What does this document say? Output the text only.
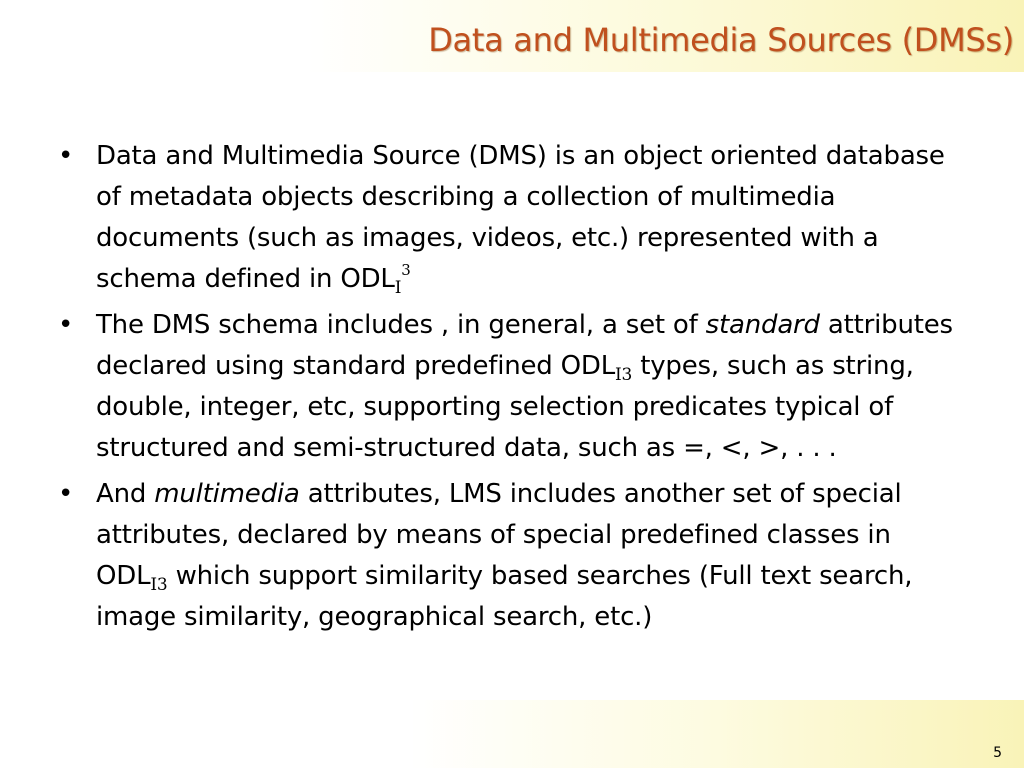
Data and Multimedia Sources (DMSs)
• Data and Multimedia Source (DMS) is an object oriented database of metadata objects describing a collection of multimedia documents (such as images, videos, etc.) represented with a schema defined in $ODL_I^3$
• The DMS schema includes , in general, a set of standard attributes declared using standard predefined $ODL_{I3}$ types, such as string, double, integer, etc, supporting selection predicates typical of structured and semi-structured data, such as =, <, >, . . .
• And multimedia attributes, LMS includes another set of special attributes, declared by means of special predefined classes in $ODL_{I3}$ which support similarity based searches (Full text search, image similarity, geographical search, etc.)
5
